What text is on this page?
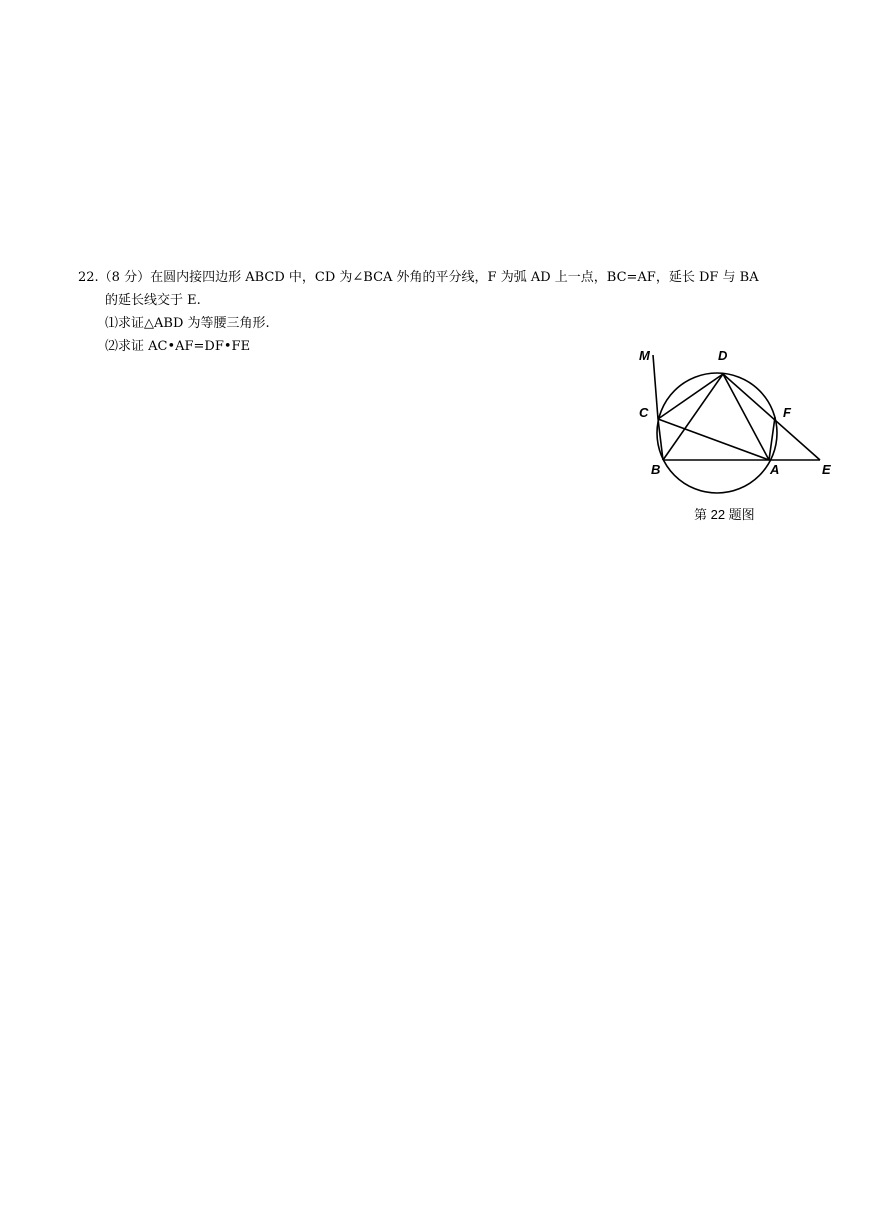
22.（8 分）在圆内接四边形 ABCD 中，CD 为∠BCA 外角的平分线，F 为弧 AD 上一点，BC=AF，延长 DF 与 BA
的延长线交于 E.
⑴求证△ABD 为等腰三角形.
⑵求证 AC•AF=DF•FE
M	D
C	F
B	A	E
第 22 题图
